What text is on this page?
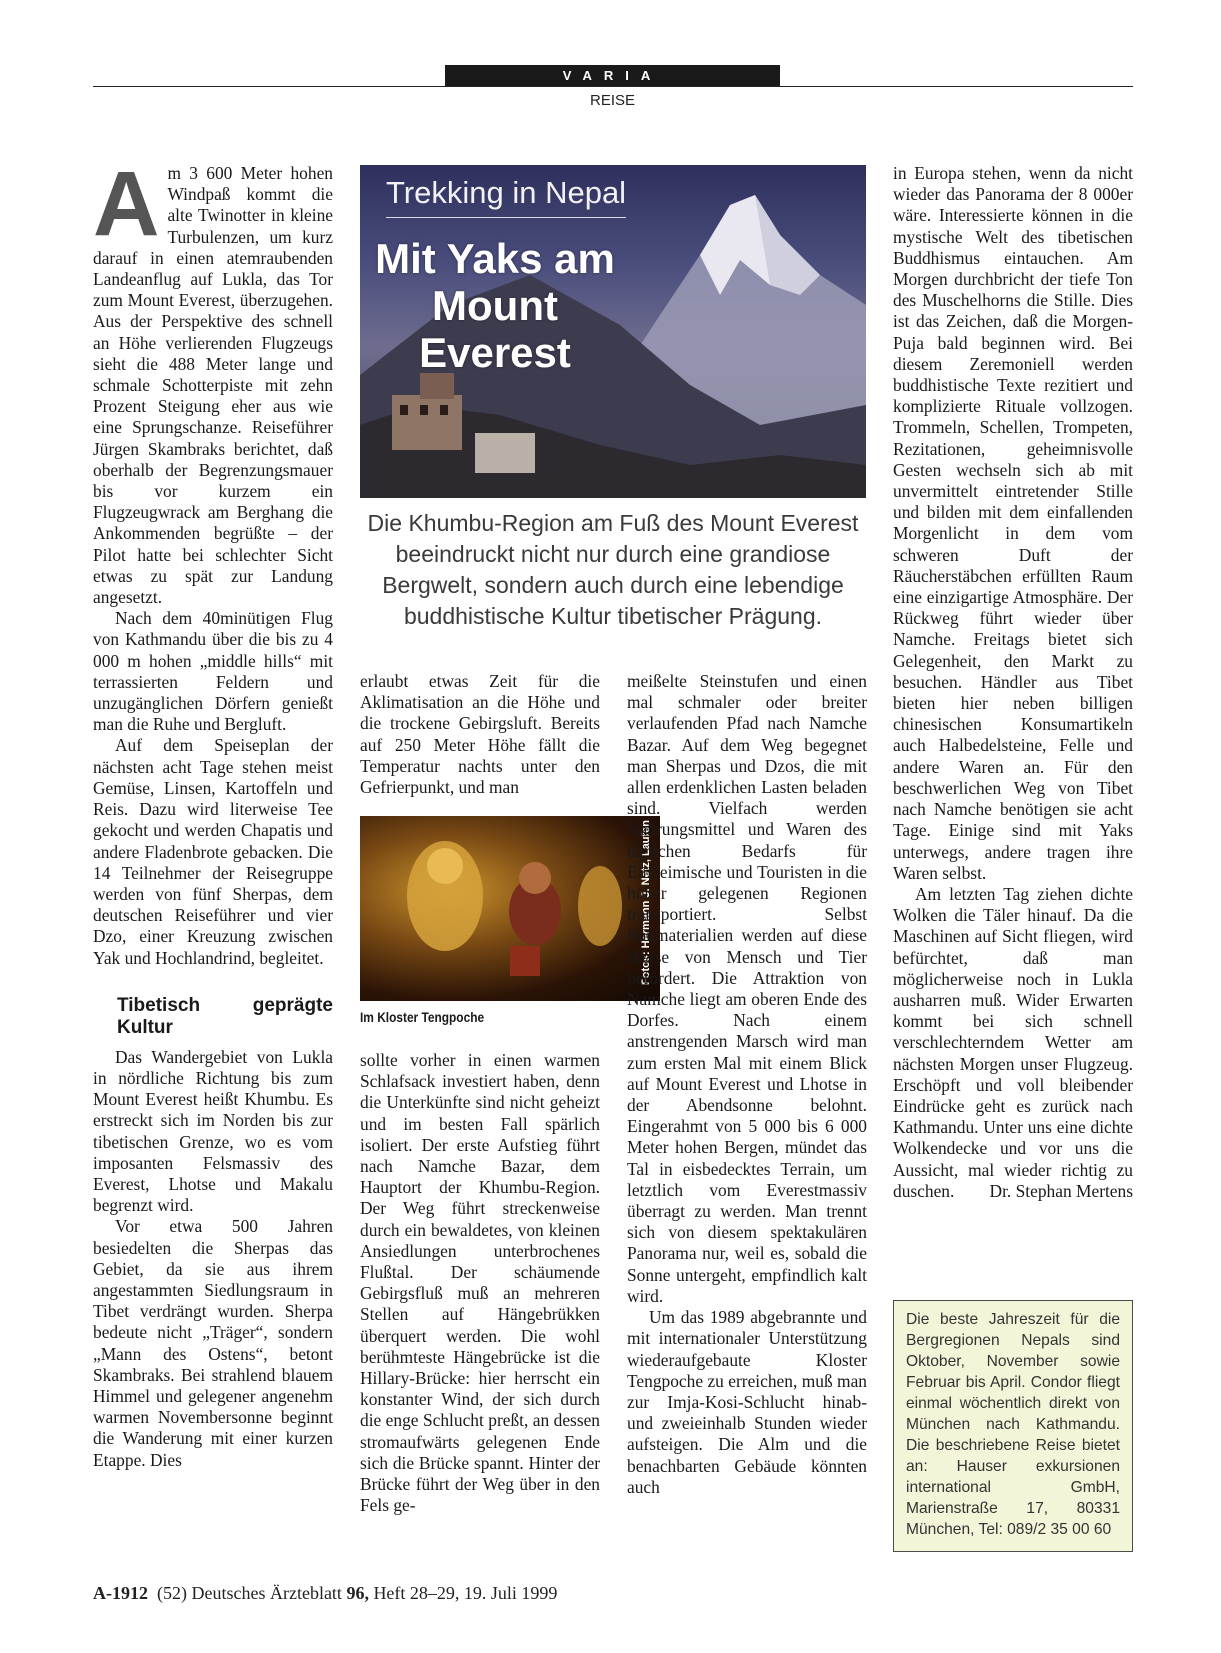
VARIA
REISE

Am 3 600 Meter hohen Windpaß kommt die alte Twinotter in kleine Turbulenzen, um kurz darauf in einen atemraubenden Landeanflug auf Lukla, das Tor zum Mount Everest, überzugehen. Aus der Perspektive des schnell an Höhe verlierenden Flugzeugs sieht die 488 Meter lange und schmale Schotterpiste mit zehn Prozent Steigung eher aus wie eine Sprungschanze. Reiseführer Jürgen Skambraks berichtet, daß oberhalb der Begrenzungsmauer bis vor kurzem ein Flugzeugwrack am Berghang die Ankommenden begrüßte – der Pilot hatte bei schlechter Sicht etwas zu spät zur Landung angesetzt.

Nach dem 40minütigen Flug von Kathmandu über die bis zu 4 000 m hohen „middle hills“ mit terrassierten Feldern und unzugänglichen Dörfern genießt man die Ruhe und Bergluft.

Auf dem Speiseplan der nächsten acht Tage stehen meist Gemüse, Linsen, Kartoffeln und Reis. Dazu wird literweise Tee gekocht und werden Chapatis und andere Fladenbrote gebacken. Die 14 Teilnehmer der Reisegruppe werden von fünf Sherpas, dem deutschen Reiseführer und vier Dzo, einer Kreuzung zwischen Yak und Hochlandrind, begleitet.

Tibetisch geprägte Kultur

Das Wandergebiet von Lukla in nördliche Richtung bis zum Mount Everest heißt Khumbu. Es erstreckt sich im Norden bis zur tibetischen Grenze, wo es vom imposanten Felsmassiv des Everest, Lhotse und Makalu begrenzt wird.

Vor etwa 500 Jahren besiedelten die Sherpas das Gebiet, da sie aus ihrem angestammten Siedlungsraum in Tibet verdrängt wurden. Sherpa bedeute nicht „Träger“, sondern „Mann des Ostens“, betont Skambraks. Bei strahlend blauem Himmel und gelegener angenehm warmen Novembersonne beginnt die Wanderung mit einer kurzen Etappe. Dies

Trekking in Nepal
Mit Yaks am Mount Everest
Die Khumbu-Region am Fuß des Mount Everest beeindruckt nicht nur durch eine grandiose Bergwelt, sondern auch durch eine lebendige buddhistische Kultur tibetischer Prägung.

erlaubt etwas Zeit für die Aklimatisation an die Höhe und die trockene Gebirgsluft. Bereits auf 250 Meter Höhe fällt die Temperatur nachts unter den Gefrierpunkt, und man

Fotos: Hermann J. Netz, Laufen
Im Kloster Tengpoche

sollte vorher in einen warmen Schlafsack investiert haben, denn die Unterkünfte sind nicht geheizt und im besten Fall spärlich isoliert. Der erste Aufstieg führt nach Namche Bazar, dem Hauptort der Khumbu-Region. Der Weg führt streckenweise durch ein bewaldetes, von kleinen Ansiedlungen unterbrochenes Flußtal. Der schäumende Gebirgsfluß muß an mehreren Stellen auf Hängebrükken überquert werden. Die wohl berühmteste Hängebrücke ist die Hillary-Brücke: hier herrscht ein konstanter Wind, der sich durch die enge Schlucht preßt, an dessen stromaufwärts gelegenen Ende sich die Brücke spannt. Hinter der Brücke führt der Weg über in den Fels ge-

meißelte Steinstufen und einen mal schmaler oder breiter verlaufenden Pfad nach Namche Bazar. Auf dem Weg begegnet man Sherpas und Dzos, die mit allen erdenklichen Lasten beladen sind. Vielfach werden Nahrungsmittel und Waren des täglichen Bedarfs für Einheimische und Touristen in die höher gelegenen Regionen transportiert. Selbst Baumaterialien werden auf diese Weise von Mensch und Tier befördert. Die Attraktion von Namche liegt am oberen Ende des Dorfes. Nach einem anstrengenden Marsch wird man zum ersten Mal mit einem Blick auf Mount Everest und Lhotse in der Abendsonne belohnt. Eingerahmt von 5 000 bis 6 000 Meter hohen Bergen, mündet das Tal in eisbedecktes Terrain, um letztlich vom Everestmassiv überragt zu werden. Man trennt sich von diesem spektakulären Panorama nur, weil es, sobald die Sonne untergeht, empfindlich kalt wird.

Um das 1989 abgebrannte und mit internationaler Unterstützung wiederaufgebaute Kloster Tengpoche zu erreichen, muß man zur Imja-Kosi-Schlucht hinab- und zweieinhalb Stunden wieder aufsteigen. Die Alm und die benachbarten Gebäude könnten auch

in Europa stehen, wenn da nicht wieder das Panorama der 8 000er wäre. Interessierte können in die mystische Welt des tibetischen Buddhismus eintauchen. Am Morgen durchbricht der tiefe Ton des Muschelhorns die Stille. Dies ist das Zeichen, daß die Morgen-Puja bald beginnen wird. Bei diesem Zeremoniell werden buddhistische Texte rezitiert und komplizierte Rituale vollzogen. Trommeln, Schellen, Trompeten, Rezitationen, geheimnisvolle Gesten wechseln sich ab mit unvermittelt eintretender Stille und bilden mit dem einfallenden Morgenlicht in dem vom schweren Duft der Räucherstäbchen erfüllten Raum eine einzigartige Atmosphäre. Der Rückweg führt wieder über Namche. Freitags bietet sich Gelegenheit, den Markt zu besuchen. Händler aus Tibet bieten hier neben billigen chinesischen Konsumartikeln auch Halbedelsteine, Felle und andere Waren an. Für den beschwerlichen Weg von Tibet nach Namche benötigen sie acht Tage. Einige sind mit Yaks unterwegs, andere tragen ihre Waren selbst.

Am letzten Tag ziehen dichte Wolken die Täler hinauf. Da die Maschinen auf Sicht fliegen, wird befürchtet, daß man möglicherweise noch in Lukla ausharren muß. Wider Erwarten kommt bei sich schnell verschlechterndem Wetter am nächsten Morgen unser Flugzeug. Erschöpft und voll bleibender Eindrücke geht es zurück nach Kathmandu. Unter uns eine dichte Wolkendecke und vor uns die Aussicht, mal wieder richtig zu duschen.	Dr. Stephan Mertens

Die beste Jahreszeit für die Bergregionen Nepals sind Oktober, November sowie Februar bis April. Condor fliegt einmal wöchentlich direkt von München nach Kathmandu. Die beschriebene Reise bietet an: Hauser exkursionen international GmbH, Marienstraße 17, 80331 München, Tel: 089/2 35 00 60
A-1912 (52) Deutsches Ärzteblatt 96, Heft 28–29, 19. Juli 1999
